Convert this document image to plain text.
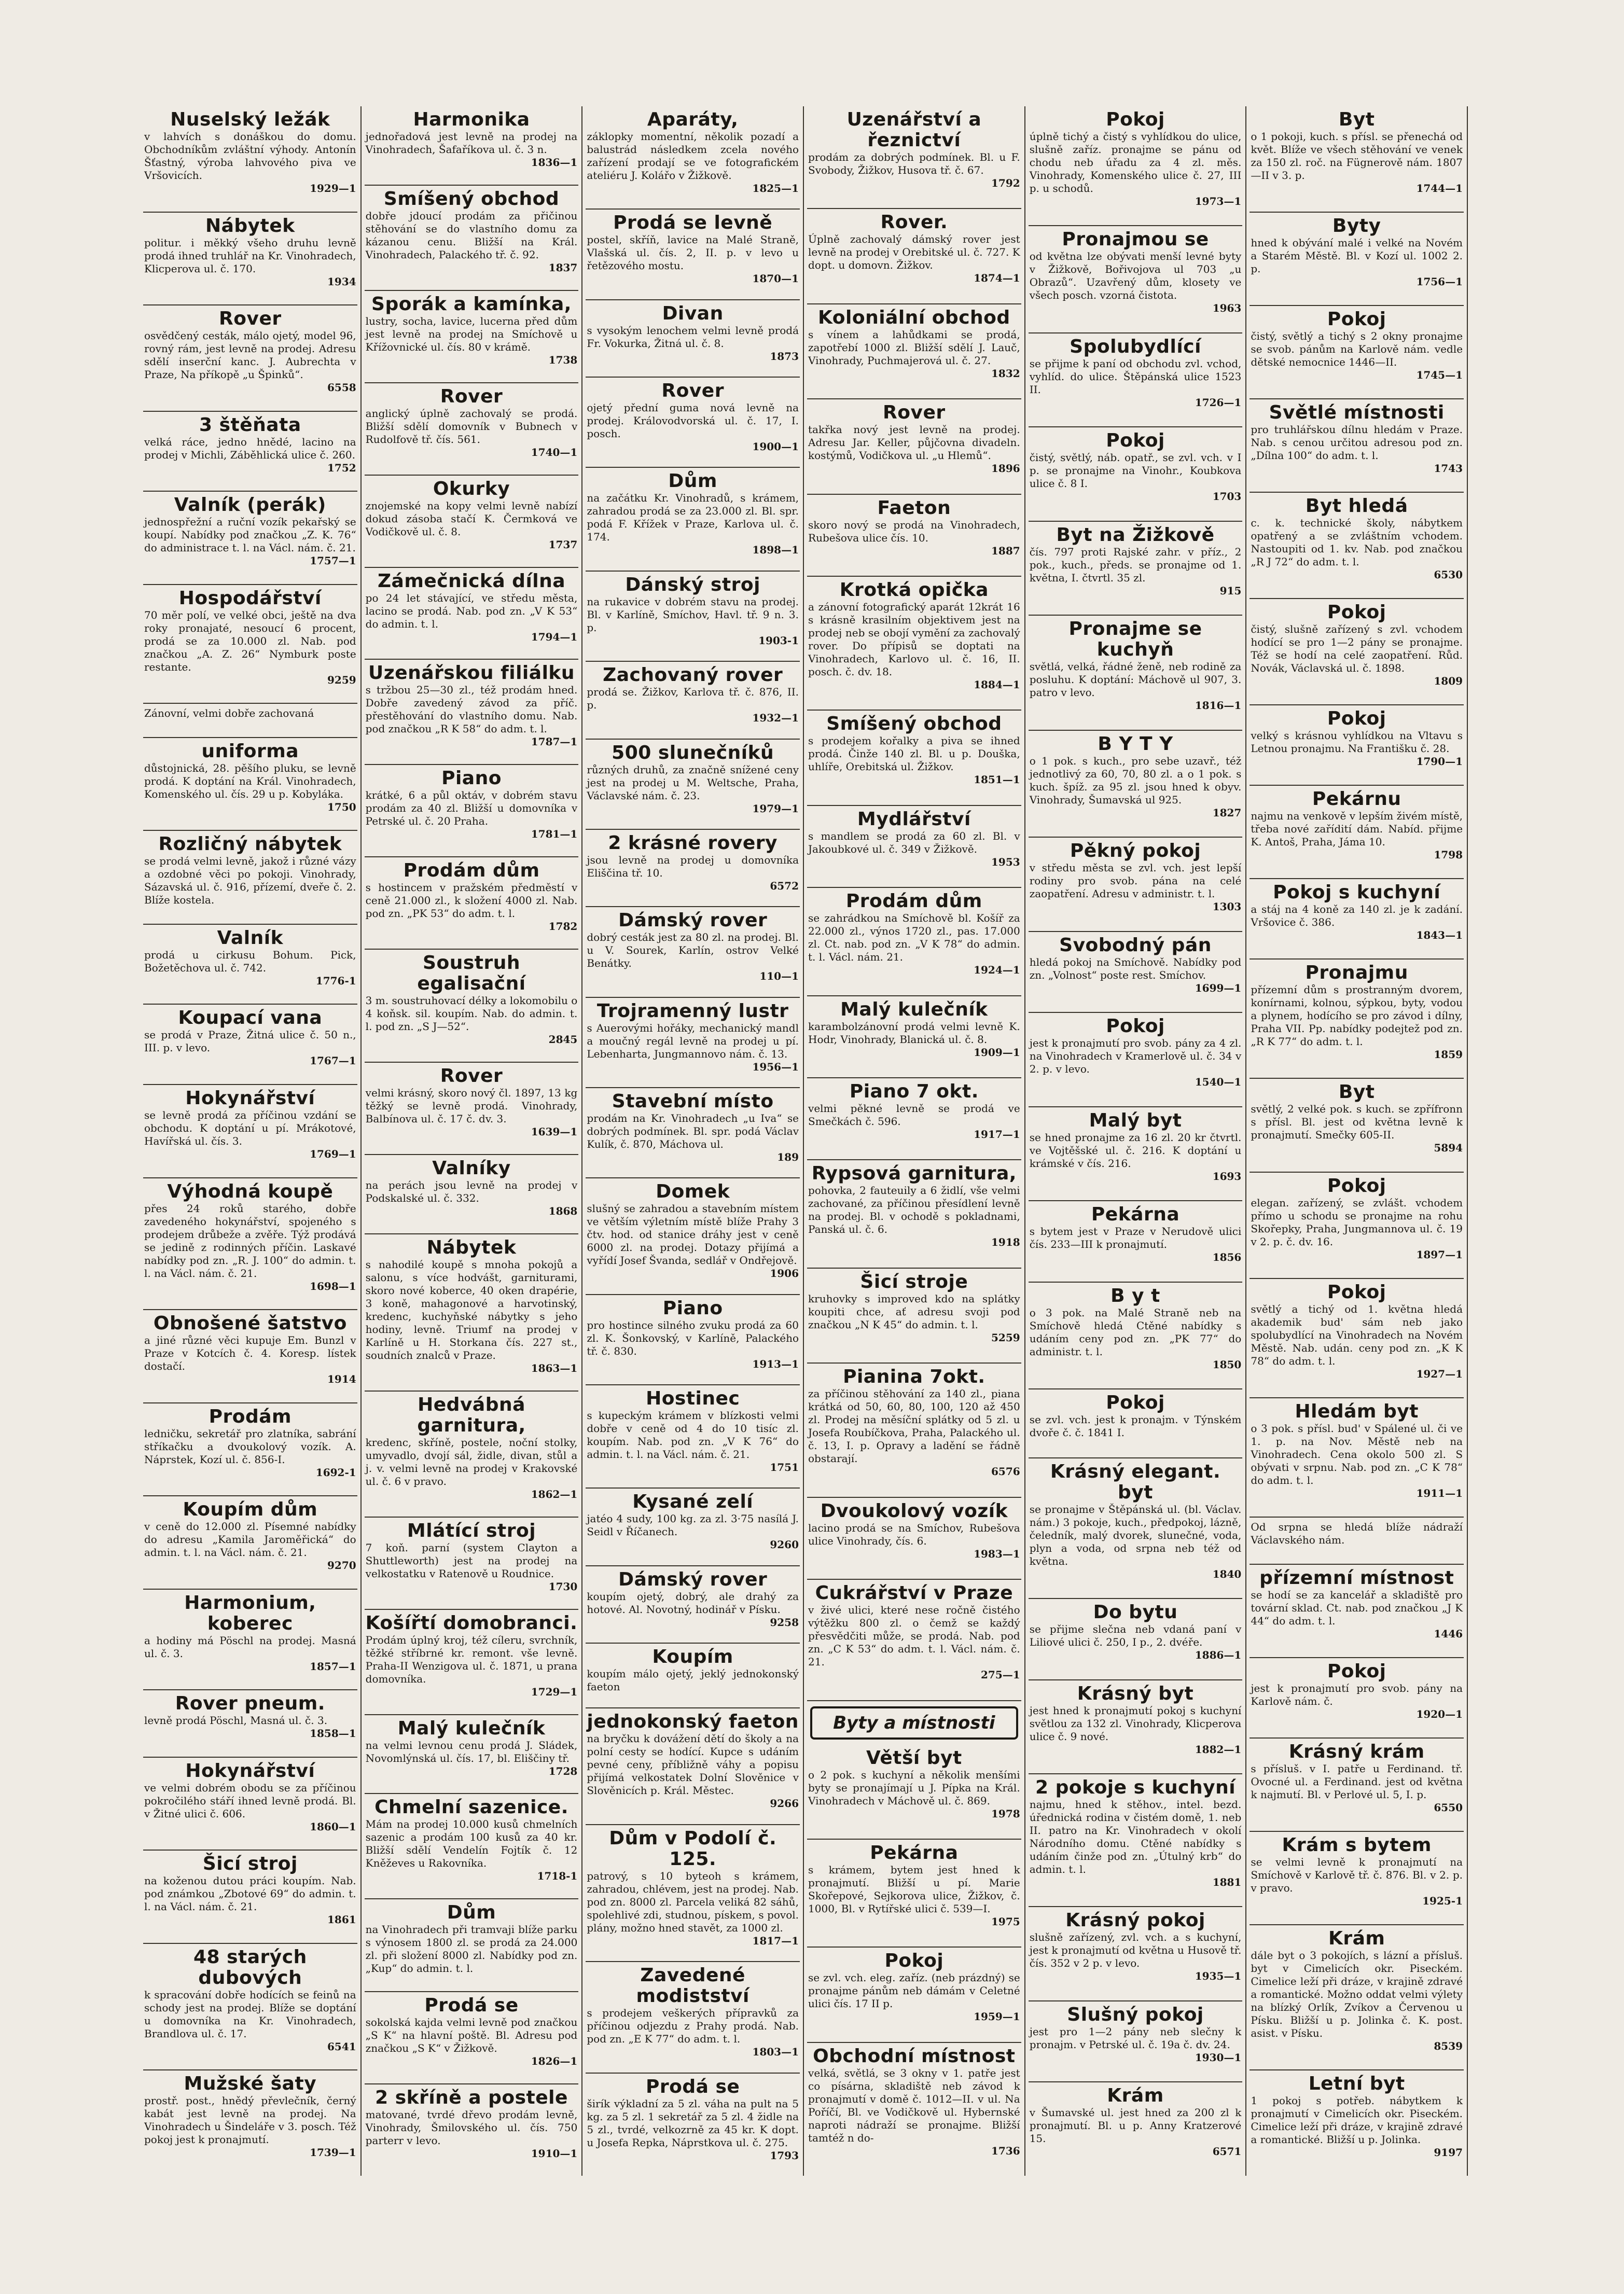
Nuselský ležák
v lahvích s donáškou do domu. Obchodníkům zvláštní výhody. Antonín Šťastný, výroba lahvového piva ve Vršovicích.
1929—1
Nábytek
politur. i měkký všeho druhu levně prodá ihned truhlář na Kr. Vinohradech, Klicperova ul. č. 170.
1934
Rover
osvědčený cesták, málo ojetý, model 96, rovný rám, jest levně na prodej. Adresu sdělí inserční kanc. J. Aubrechta v Praze, Na příkopě „u Špinků“.
6558
3 štěňata
velká ráce, jedno hnědé, lacino na prodej v Michli, Záběhlická ulice č. 260.
1752
Valník (perák)
jednospřežní a ruční vozík pekařský se koupí. Nabídky pod značkou „Z. K. 76“ do administrace t. l. na Václ. nám. č. 21.
1757—1
Hospodářství
70 měr polí, ve velké obci, ještě na dva roky pronajaté, nesoucí 6 procent, prodá se za 10.000 zl. Nab. pod značkou „A. Z. 26“ Nymburk poste restante.
9259
Zánovní, velmi dobře zachovaná
uniforma
důstojnická, 28. pěšího pluku, se levně prodá. K doptání na Král. Vinohradech, Komenského ul. čís. 29 u p. Kobyláka.
1750
Rozličný nábytek
se prodá velmi levně, jakož i různé vázy a ozdobné věci po pokoji. Vinohrady, Sázavská ul. č. 916, přízemí, dveře č. 2. Blíže kostela.
Valník
prodá u cirkusu Bohum. Pick, Božetěchova ul. č. 742.
1776-1
Koupací vana
se prodá v Praze, Žitná ulice č. 50 n., III. p. v levo.
1767—1
Hokynářství
se levně prodá za příčinou vzdání se obchodu. K doptání u pí. Mrákotové, Havířská ul. čís. 3.
1769—1
Výhodná koupě
přes 24 roků starého, dobře zavedeného hokynářství, spojeného s prodejem drůbeže a zvěře. Týž prodává se jedině z rodinných příčin. Laskavé nabídky pod zn. „R. J. 100“ do admin. t. l. na Václ. nám. č. 21.
1698—1
Obnošené šatstvo
a jiné různé věci kupuje Em. Bunzl v Praze v Kotcích č. 4. Koresp. lístek dostačí.
1914
Prodám
ledničku, sekretář pro zlatníka, sabrání stříkačku a dvoukolový vozík. A. Náprstek, Kozí ul. č. 856-I.
1692-1
Koupím dům
v ceně do 12.000 zl. Písemné nabídky do adresu „Kamila Jaroměřická“ do admin. t. l. na Václ. nám. č. 21.
9270
Harmonium, koberec
a hodiny má Pöschl na prodej. Masná ul. č. 3.
1857—1
Rover pneum.
levně prodá Pöschl, Masná ul. č. 3.
1858—1
Hokynářství
ve velmi dobrém obodu se za příčinou pokročilého stáří ihned levně prodá. Bl. v Žitné ulici č. 606.
1860—1
Šicí stroj
na koženou dutou práci koupím. Nab. pod známkou „Zbotové 69“ do admin. t. l. na Václ. nám. č. 21.
1861
48 starých dubových
k spracování dobře hodících se feinů na schody jest na prodej. Blíže se doptání u domovníka na Kr. Vinohradech, Brandlova ul. č. 17.
6541
Mužské šaty
prostř. post., hnědý převlečník, černý kabát jest levně na prodej. Na Vinohradech u Šindeláře v 3. posch. Též pokoj jest k pronajmutí.
1739—1
Harmonika
jednořadová jest levně na prodej na Vinohradech, Šafaříkova ul. č. 3 n.
1836—1
Smíšený obchod
dobře jdoucí prodám za přičinou stěhování se do vlastního domu za kázanou cenu. Bližší na Král. Vinohradech, Palackého tř. č. 92.
1837
Sporák a kamínka,
lustry, socha, lavice, lucerna před dům jest levně na prodej na Smíchově u Křížovnické ul. čís. 80 v krámě.
1738
Rover
anglický úplně zachovalý se prodá. Bližší sdělí domovník v Bubnech v Rudolfově tř. čís. 561.
1740—1
Okurky
znojemské na kopy velmi levně nabízí dokud zásoba stačí K. Čermková ve Vodičkově ul. č. 8.
1737
Zámečnická dílna
po 24 let stávající, ve středu města, lacino se prodá. Nab. pod zn. „V K 53“ do admin. t. l.
1794—1
Uzenářskou filiálku
s tržbou 25—30 zl., též prodám hned. Dobře zavedený závod za příč. přestěhování do vlastního domu. Nab. pod značkou „R K 58“ do adm. t. l.
1787—1
Piano
krátké, 6 a půl oktáv, v dobrém stavu prodám za 40 zl. Bližší u domovníka v Petrské ul. č. 20 Praha.
1781—1
Prodám dům
s hostincem v pražském předměstí v ceně 21.000 zl., k složení 4000 zl. Nab. pod zn. „PK 53“ do adm. t. l.
1782
Soustruh egalisační
3 m. soustruhovací délky a lokomobilu o 4 koňsk. sil. koupím. Nab. do admin. t. l. pod zn. „S J—52“.
2845
Rover
velmi krásný, skoro nový čl. 1897, 13 kg těžký se levně prodá. Vinohrady, Balbínova ul. č. 17 č. dv. 3.
1639—1
Valníky
na perách jsou levně na prodej v Podskalské ul. č. 332.
1868
Nábytek
s nahodilé koupě s mnoha pokojů a salonu, s více hodvášt, garniturami, skoro nové koberce, 40 oken drapérie, 3 koně, mahagonové a harvotinský, kredenc, kuchyňské nábytky s jeho hodiny, levně. Triumf na prodej v Karlíně u H. Storkana čís. 227 st., soudních znalců v Praze.
1863—1
Hedvábná garnitura,
kredenc, skříně, postele, noční stolky, umyvadlo, dvojí sál, židle, divan, stůl a j. v. velmi levně na prodej v Krakovské ul. č. 6 v pravo.
1862—1
Mlátící stroj
7 koň. parní (system Clayton a Shuttleworth) jest na prodej na velkostatku v Ratenově u Roudnice.
1730
Košířtí domobranci.
Prodám úplný kroj, též cíleru, svrchník, těžké stříbrné kr. remont. vše levně. Praha-II Wenzigova ul. č. 1871, u prana domovníka.
1729—1
Malý kulečník
na velmi levnou cenu prodá J. Sládek, Novomlýnská ul. čís. 17, bl. Eliščiny tř.
1728
Chmelní sazenice.
Mám na prodej 10.000 kusů chmelních sazenic a prodám 100 kusů za 40 kr. Bližší sdělí Vendelín Fojtík č. 12 Kněževes u Rakovníka.
1718-1
Dům
na Vinohradech při tramvaji blíže parku s výnosem 1800 zl. se prodá za 24.000 zl. při složení 8000 zl. Nabídky pod zn. „Kup“ do admin. t. l.
Prodá se
sokolská kajda velmi levně pod značkou „S K“ na hlavní poště. Bl. Adresu pod značkou „S K“ v Žižkově.
1826—1
2 skříně a postele
matované, tvrdé dřevo prodám levně, Vinohrady, Šmilovského ul. čís. 750 parterr v levo.
1910—1
Aparáty,
záklopky momentní, několik pozadí a balustrád následkem zcela nového zařízení prodají se ve fotografickém ateliéru J. Kolářo v Žižkově.
1825—1
Prodá se levně
postel, skříň, lavice na Malé Straně, Vlašská ul. čís. 2, II. p. v levo u řetězového mostu.
1870—1
Divan
s vysokým lenochem velmi levně prodá Fr. Vokurka, Žitná ul. č. 8.
1873
Rover
ojetý přední guma nová levně na prodej. Královodvorská ul. č. 17, I. posch.
1900—1
Dům
na začátku Kr. Vinohradů, s krámem, zahradou prodá se za 23.000 zl. Bl. spr. podá F. Křížek v Praze, Karlova ul. č. 174.
1898—1
Dánský stroj
na rukavice v dobrém stavu na prodej. Bl. v Karlíně, Smíchov, Havl. tř. 9 n. 3. p.
1903-1
Zachovaný rover
prodá se. Žižkov, Karlova tř. č. 876, II. p.
1932—1
500 slunečníků
různých druhů, za značně snížené ceny jest na prodej u M. Weltsche, Praha, Václavské nám. č. 23.
1979—1
2 krásné rovery
jsou levně na prodej u domovníka Eliščina tř. 10.
6572
Dámský rover
dobrý cesták jest za 80 zl. na prodej. Bl. u V. Sourek, Karlín, ostrov Velké Benátky.
110—1
Trojramenný lustr
s Auerovými hořáky, mechanický mandl a moučný regál levně na prodej u pí. Lebenharta, Jungmannovo nám. č. 13.
1956—1
Stavební místo
prodám na Kr. Vinohradech „u Iva“ se dobrých podmínek. Bl. spr. podá Václav Kulík, č. 870, Máchova ul.
189
Domek
slušný se zahradou a stavebním místem ve větším výletním místě blíže Prahy 3 čtv. hod. od stanice dráhy jest v ceně 6000 zl. na prodej. Dotazy přijímá a vyřídí Josef Švanda, sedlář v Ondřejově.
1906
Piano
pro hostince silného zvuku prodá za 60 zl. K. Šonkovský, v Karlíně, Palackého tř. č. 830.
1913—1
Hostinec
s kupeckým krámem v blízkosti velmi dobře v ceně od 4 do 10 tisíc zl. koupím. Nab. pod zn. „V K 76“ do admin. t. l. na Václ. nám. č. 21.
1751
Kysané zelí
jatéo 4 sudy, 100 kg. za zl. 3·75 nasílá J. Seidl v Říčanech.
9260
Dámský rover
koupím ojetý, dobrý, ale drahý za hotové. Al. Novotný, hodinář v Písku.
9258
Koupím
koupím málo ojetý, jeklý jednokonský faeton
jednokonský faeton
na bryčku k dovážení dětí do školy a na polní cesty se hodící. Kupce s udáním pevné ceny, příbližně váhy a popisu přijímá velkostatek Dolní Slověnice v Slověnicích p. Král. Městec.
9266
Dům v Podolí č. 125.
patrový, s 10 byteoh s krámem, zahradou, chlévem, jest na prodej. Nab. pod zn. 8000 zl. Parcela veliká 82 sáhů, spolehlivé zdi, studnou, pískem, s povol. plány, možno hned stavět, za 1000 zl.
1817—1
Zavedené modistství
s prodejem veškerých přípravků za příčinou odjezdu z Prahy prodá. Nab. pod zn. „E K 77“ do adm. t. l.
1803—1
Prodá se
širík výkladní za 5 zl. váha na pult na 5 kg. za 5 zl. 1 sekretář za 5 zl. 4 židle na 5 zl., tvrdé, velkozrně za 45 kr. K dopt. u Josefa Repka, Náprstkova ul. č. 275.
1793
Uzenářství a řeznictví
prodám za dobrých podmínek. Bl. u F. Svobody, Žižkov, Husova tř. č. 67.
1792
Rover.
Úplně zachovalý dámský rover jest levně na prodej v Orebitské ul. č. 727. K dopt. u domovn. Žižkov.
1874—1
Koloniální obchod
s vínem a lahůdkami se prodá, zapotřebí 1000 zl. Bližší sdělí J. Lauč, Vinohrady, Puchmajerová ul. č. 27.
1832
Rover
takřka nový jest levně na prodej. Adresu Jar. Keller, půjčovna divadeln. kostýmů, Vodičkova ul. „u Hlemů“.
1896
Faeton
skoro nový se prodá na Vinohradech, Rubešova ulice čís. 10.
1887
Krotká opička
a zánovní fotografický aparát 12krát 16 s krásně krasilním objektivem jest na prodej neb se obojí vymění za zachovalý rover. Do přípisů se doptati na Vinohradech, Karlovo ul. č. 16, II. posch. č. dv. 18.
1884—1
Smíšený obchod
s prodejem kořalky a piva se ihned prodá. Činže 140 zl. Bl. u p. Douška, uhlíře, Orebitská ul. Žižkov.
1851—1
Mydlářství
s mandlem se prodá za 60 zl. Bl. v Jakoubkové ul. č. 349 v Žižkově.
1953
Prodám dům
se zahrádkou na Smíchově bl. Košíř za 22.000 zl., výnos 1720 zl., pas. 17.000 zl. Ct. nab. pod zn. „V K 78“ do admin. t. l. Václ. nám. 21.
1924—1
Malý kulečník
karambolzánovní prodá velmi levně K. Hodr, Vinohrady, Blanická ul. č. 8.
1909—1
Piano 7 okt.
velmi pěkné levně se prodá ve Smečkách č. 596.
1917—1
Rypsová garnitura,
pohovka, 2 fauteuily a 6 židlí, vše velmi zachované, za příčinou přesídlení levně na prodej. Bl. v ochodě s pokladnami, Panská ul. č. 6.
1918
Šicí stroje
kruhovky s improved kdo na splátky koupiti chce, ať adresu svoji pod značkou „N K 45“ do admin. t. l.
5259
Pianina 7okt.
za příčinou stěhování za 140 zl., piana krátká od 50, 60, 80, 100, 120 až 450 zl. Prodej na měsíční splátky od 5 zl. u Josefa Roubíčkova, Praha, Palackého ul. č. 13, I. p. Opravy a ladění se řádně obstarají.
6576
Dvoukolový vozík
lacino prodá se na Smíchov, Rubešova ulice Vinohrady, čís. 6.
1983—1
Cukrářství v Praze
v živé ulici, které nese ročně čistého výtěžku 800 zl. o čemž se každý přesvědčiti může, se prodá. Nab. pod zn. „C K 53“ do adm. t. l. Václ. nám. č. 21.
275—1
Byty a místnosti
Větší byt
o 2 pok. s kuchyní a několik menšími byty se pronajímají u J. Pípka na Král. Vinohradech v Máchově ul. č. 869.
1978
Pekárna
s krámem, bytem jest hned k pronajmutí. Bližší u pí. Marie Skořepové, Sejkorova ulice, Žižkov, č. 1000, Bl. v Rytířské ulici č. 539—I.
1975
Pokoj
se zvl. vch. eleg. zaříz. (neb prázdný) se pronajme pánům neb dámám v Celetné ulici čís. 17 II p.
1959—1
Obchodní místnost
velká, světlá, se 3 okny v 1. patře jest co písárna, skladiště neb závod k pronajmutí v domě č. 1012—II. v ul. Na Poříčí, Bl. ve Vodičkově ul. Hybernské naproti nádraží se pronajme. Bližší tamtéž n do-
1736
Pokoj
úplně tichý a čistý s vyhlídkou do ulice, slušně zaříz. pronajme se pánu od chodu neb úřadu za 4 zl. měs. Vinohrady, Komenského ulice č. 27, III p. u schodů.
1973—1
Pronajmou se
od května lze obývati menší levné byty v Žižkově, Bořivojova ul 703 „u Obrazů“. Uzavřený dům, klosety ve všech posch. vzorná čistota.
1963
Spolubydlící
se přijme k paní od obchodu zvl. vchod, vyhlíd. do ulice. Štěpánská ulice 1523 II.
1726—1
Pokoj
čistý, světlý, náb. opatř., se zvl. vch. v I p. se pronajme na Vinohr., Koubkova ulice č. 8 I.
1703
Byt na Žižkově
čís. 797 proti Rajské zahr. v příz., 2 pok., kuch., předs. se pronajme od 1. května, I. čtvrtl. 35 zl.
915
Pronajme se kuchyň
světlá, velká, řádné ženě, neb rodině za posluhu. K doptání: Máchově ul 907, 3. patro v levo.
1816—1
B Y T Y
o 1 pok. s kuch., pro sebe uzavř., též jednotlivý za 60, 70, 80 zl. a o 1 pok. s kuch. špíž. za 95 zl. jsou hned k obyv. Vinohrady, Šumavská ul 925.
1827
Pěkný pokoj
v středu města se zvl. vch. jest lepší rodiny pro svob. pána na celé zaopatření. Adresu v administr. t. l.
1303
Svobodný pán
hledá pokoj na Smíchově. Nabídky pod zn. „Volnost“ poste rest. Smíchov.
1699—1
Pokoj
jest k pronajmutí pro svob. pány za 4 zl. na Vinohradech v Kramerlově ul. č. 34 v 2. p. v levo.
1540—1
Malý byt
se hned pronajme za 16 zl. 20 kr čtvrtl. ve Vojtěšské ul. č. 216. K doptání u krámské v čís. 216.
1693
Pekárna
s bytem jest v Praze v Nerudově ulici čís. 233—III k pronajmutí.
1856
B y t
o 3 pok. na Malé Straně neb na Smíchově hledá Ctěné nabídky s udáním ceny pod zn. „PK 77“ do administr. t. l.
1850
Pokoj
se zvl. vch. jest k pronajm. v Týnském dvoře č. č. 1841 I.
Krásný elegant. byt
se pronajme v Štěpánská ul. (bl. Václav. nám.) 3 pokoje, kuch., předpokoj, lázně, čeledník, malý dvorek, slunečné, voda, plyn a voda, od srpna neb též od května.
1840
Do bytu
se přijme slečna neb vdaná paní v Liliové ulici č. 250, I p., 2. dvéře.
1886—1
Krásný byt
jest hned k pronajmutí pokoj s kuchyní světlou za 132 zl. Vinohrady, Klicperova ulice č. 9 nové.
1882—1
2 pokoje s kuchyní
najmu, hned k stěhov., intel. bezd. úřednická rodina v čistém domě, 1. neb II. patro na Kr. Vinohradech v okolí Národního domu. Ctěné nabídky s udáním činže pod zn. „Útulný krb“ do admin. t. l.
1881
Krásný pokoj
slušně zařízený, zvl. vch. a s kuchyní, jest k pronajmutí od května u Husově tř. čís. 352 v 2 p. v levo.
1935—1
Slušný pokoj
jest pro 1—2 pány neb slečny k pronajm. v Petrské ul. č. 19a č. dv. 24.
1930—1
Krám
v Šumavské ul. jest hned za 200 zl k pronajmutí. Bl. u p. Anny Kratzerové 15.
6571
Byt
o 1 pokoji, kuch. s přísl. se přenechá od květ. Blíže ve všech stěhování ve venek za 150 zl. roč. na Fügnerově nám. 1807—II v 3. p.
1744—1
Byty
hned k obývání malé i velké na Novém a Starém Městě. Bl. v Kozí ul. 1002 2. p.
1756—1
Pokoj
čistý, světlý a tichý s 2 okny pronajme se svob. pánům na Karlově nám. vedle dětské nemocnice 1446—II.
1745—1
Světlé místnosti
pro truhlářskou dílnu hledám v Praze. Nab. s cenou určitou adresou pod zn. „Dílna 100“ do adm. t. l.
1743
Byt hledá
c. k. technické školy, nábytkem opatřený a se zvláštním vchodem. Nastoupiti od 1. kv. Nab. pod značkou „R J 72“ do adm. t. l.
6530
Pokoj
čistý, slušně zařízený s zvl. vchodem hodící se pro 1—2 pány se pronajme. Též se hodí na celé zaopatření. Růd. Novák, Václavská ul. č. 1898.
1809
Pokoj
velký s krásnou vyhlídkou na Vltavu s Letnou pronajmu. Na Františku č. 28.
1790—1
Pekárnu
najmu na venkově v lepším živém místě, třeba nové zařídití dám. Nabíd. přijme K. Antoš, Praha, Jáma 10.
1798
Pokoj s kuchyní
a stáj na 4 koně za 140 zl. je k zadání. Vršovice č. 386.
1843—1
Pronajmu
přízemní dům s prostranným dvorem, konírnami, kolnou, sýpkou, byty, vodou a plynem, hodícího se pro závod i dílny, Praha VII. Pp. nabídky podejtež pod zn. „R K 77“ do adm. t. l.
1859
Byt
světlý, 2 velké pok. s kuch. se zpřífronn s přísl. Bl. jest od května levně k pronajmutí. Smečky 605-II.
5894
Pokoj
elegan. zařízený, se zvlášt. vchodem přímo u schodu se pronajme na rohu Skořepky, Praha, Jungmannova ul. č. 19 v 2. p. č. dv. 16.
1897—1
Pokoj
světlý a tichý od 1. května hledá akademik bud' sám neb jako spolubydlící na Vinohradech na Novém Městě. Nab. udán. ceny pod zn. „K K 78“ do adm. t. l.
1927—1
Hledám byt
o 3 pok. s přísl. bud' v Spálené ul. či ve 1. p. na Nov. Městě neb na Vinohradech. Cena okolo 500 zl. S obývati v srpnu. Nab. pod zn. „C K 78“ do adm. t. l.
1911—1
Od srpna se hledá blíže nádraží Václavského nám.
přízemní místnost
se hodí se za kancelář a skladiště pro tovární sklad. Ct. nab. pod značkou „J K 44“ do adm. t. l.
1446
Pokoj
jest k pronajmutí pro svob. pány na Karlově nám. č.
1920—1
Krásný krám
s přísluš. v I. patře u Ferdinand. tř. Ovocné ul. a Ferdinand. jest od května k najmutí. Bl. v Perlové ul. 5, I. p.
6550
Krám s bytem
se velmi levně k pronajmutí na Smíchově v Karlově tř. č. 876. Bl. v 2. p. v pravo.
1925-1
Krám
dále byt o 3 pokojích, s lázní a přísluš. byt v Cimelicích okr. Piseckém. Cimelice leží při dráze, v krajině zdravé a romantické. Možno oddat velmi výlety na blízký Orlík, Zvíkov a Červenou u Písku. Bližší u p. Jolinka č. K. post. asist. v Písku.
8539
Letní byt
1 pokoj s potřeb. nábytkem k pronajmutí v Cimelicích okr. Piseckém. Cimelice leží při dráze, v krajině zdravé a romantické. Bližší u p. Jolinka.
9197
